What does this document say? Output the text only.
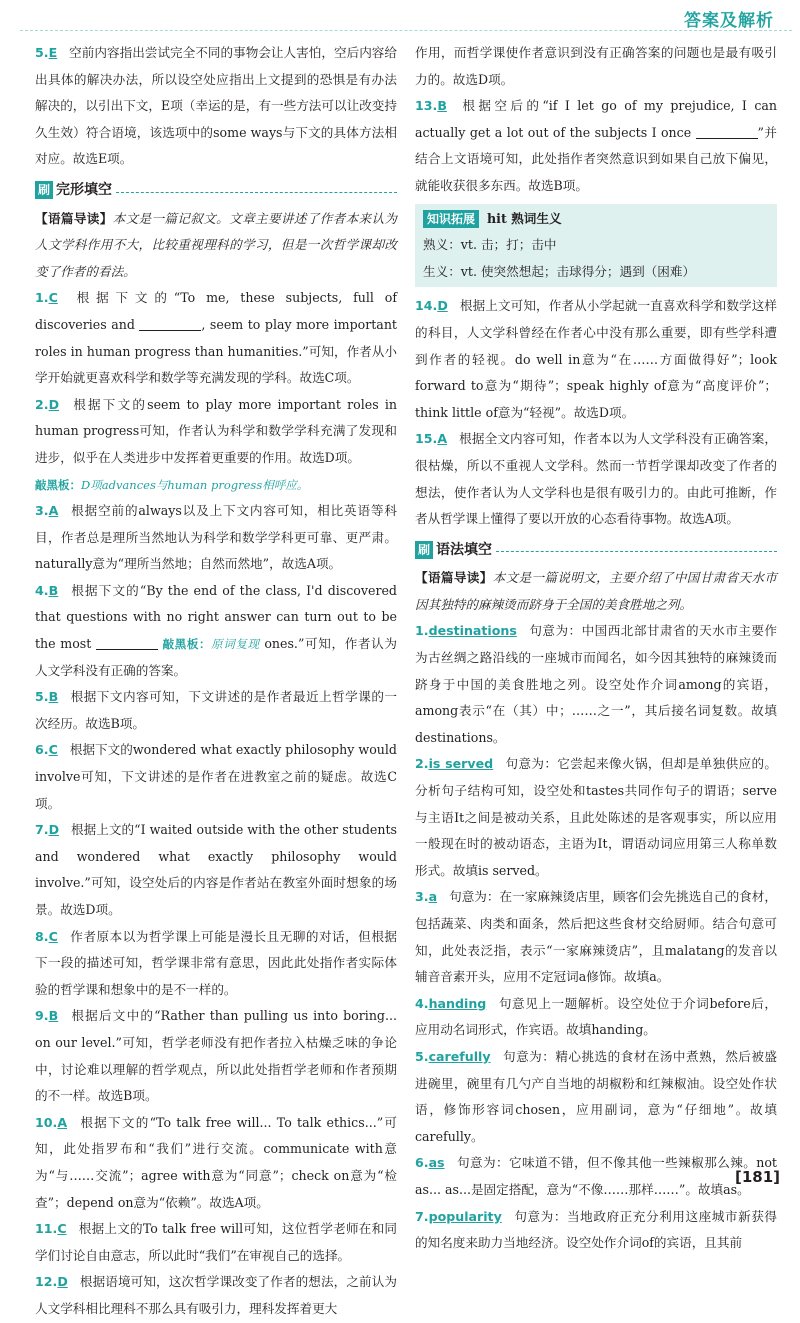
答案及解析

5.E 空前内容指出尝试完全不同的事物会让人害怕，空后内容给出具体的解决办法，所以设空处应指出上文提到的恐惧是有办法解决的，以引出下文，E项（幸运的是，有一些方法可以让改变持久生效）符合语境，该选项中的some ways与下文的具体方法相对应。故选E项。

刷 完形填空

【语篇导读】本文是一篇记叙文。文章主要讲述了作者本来认为人文学科作用不大，比较重视理科的学习，但是一次哲学课却改变了作者的看法。

1.C 根据下文的“To me, these subjects, full of discoveries and	, seem to play more important roles in human progress than humanities.”可知，作者从小学开始就更喜欢科学和数学等充满发现的学科。故选C项。

2.D 根据下文的seem to play more important roles in human progress可知，作者认为科学和数学学科充满了发现和进步，似乎在人类进步中发挥着更重要的作用。故选D项。
敲黑板：D项advances与human progress相呼应。

3.A 根据空前的always以及上下文内容可知，相比英语等科目，作者总是理所当然地认为科学和数学学科更可靠、更严肃。naturally意为“理所当然地；自然而然地”，故选A项。

4.B 根据下文的“By the end of the class, I'd discovered that questions with no right answer can turn out to be the most	敲黑板：原词复现 ones.”可知，作者认为人文学科没有正确的答案。

5.B 根据下文内容可知，下文讲述的是作者最近上哲学课的一次经历。故选B项。

6.C 根据下文的wondered what exactly philosophy would involve可知，下文讲述的是作者在进教室之前的疑虑。故选C项。

7.D 根据上文的“I waited outside with the other students and wondered what exactly philosophy would involve.”可知，设空处后的内容是作者站在教室外面时想象的场景。故选D项。

8.C 作者原本以为哲学课上可能是漫长且无聊的对话，但根据下一段的描述可知，哲学课非常有意思，因此此处指作者实际体验的哲学课和想象中的是不一样的。

9.B 根据后文中的“Rather than pulling us into boring... on our level.”可知，哲学老师没有把作者拉入枯燥乏味的争论中，讨论难以理解的哲学观点，所以此处指哲学老师和作者预期的不一样。故选B项。

10.A 根据下文的“To talk free will... To talk ethics...”可知，此处指罗布和“我们”进行交流。communicate with意为“与……交流”；agree with意为“同意”；check on意为“检查”；depend on意为“依赖”。故选A项。

11.C 根据上文的To talk free will可知，这位哲学老师在和同学们讨论自由意志，所以此时“我们”在审视自己的选择。

12.D 根据语境可知，这次哲学课改变了作者的想法，之前认为人文学科相比理科不那么具有吸引力，理科发挥着更大

作用，而哲学课使作者意识到没有正确答案的问题也是最有吸引力的。故选D项。

13.B 根据空后的“if I let go of my prejudice, I can actually get a lot out of the subjects I once	”并结合上文语境可知，此处指作者突然意识到如果自己放下偏见，就能收获很多东西。故选B项。

知识拓展 hit 熟词生义
熟义：vt. 击；打；击中
生义：vt. 使突然想起；击球得分；遇到（困难）

14.D 根据上文可知，作者从小学起就一直喜欢科学和数学这样的科目，人文学科曾经在作者心中没有那么重要，即有些学科遭到作者的轻视。do well in意为“在……方面做得好”；look forward to意为“期待”；speak highly of意为“高度评价”；think little of意为“轻视”。故选D项。

15.A 根据全文内容可知，作者本以为人文学科没有正确答案，很枯燥，所以不重视人文学科。然而一节哲学课却改变了作者的想法，使作者认为人文学科也是很有吸引力的。由此可推断，作者从哲学课上懂得了要以开放的心态看待事物。故选A项。

刷 语法填空

【语篇导读】本文是一篇说明文，主要介绍了中国甘肃省天水市因其独特的麻辣烫而跻身于全国的美食胜地之列。

1.destinations 句意为：中国西北部甘肃省的天水市主要作为古丝绸之路沿线的一座城市而闻名，如今因其独特的麻辣烫而跻身于中国的美食胜地之列。设空处作介词among的宾语，among表示“在（其）中；……之一”，其后接名词复数。故填destinations。

2.is served 句意为：它尝起来像火锅，但却是单独供应的。分析句子结构可知，设空处和tastes共同作句子的谓语；serve与主语It之间是被动关系，且此处陈述的是客观事实，所以应用一般现在时的被动语态，主语为It，谓语动词应用第三人称单数形式。故填is served。

3.a 句意为：在一家麻辣烫店里，顾客们会先挑选自己的食材，包括蔬菜、肉类和面条，然后把这些食材交给厨师。结合句意可知，此处表泛指，表示“一家麻辣烫店”，且malatang的发音以辅音音素开头，应用不定冠词a修饰。故填a。

4.handing 句意见上一题解析。设空处位于介词before后，应用动名词形式，作宾语。故填handing。

5.carefully 句意为：精心挑选的食材在汤中煮熟，然后被盛进碗里，碗里有几勺产自当地的胡椒粉和红辣椒油。设空处作状语，修饰形容词chosen，应用副词，意为“仔细地”。故填carefully。

6.as 句意为：它味道不错，但不像其他一些辣椒那么辣。not as... as...是固定搭配，意为“不像……那样……”。故填as。

7.popularity 句意为：当地政府正充分利用这座城市新获得的知名度来助力当地经济。设空处作介词of的宾语，且其前

[181]
